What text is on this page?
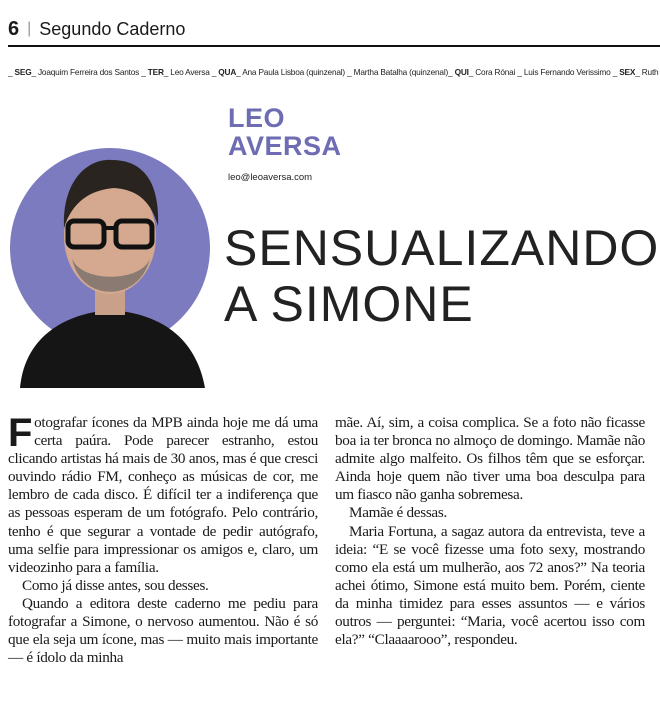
6 | Segundo Caderno
_ SEG_ Joaquim Ferreira dos Santos _ TER_ Leo Aversa _ QUA_ Ana Paula Lisboa (quinzenal) _ Martha Batalha (quinzenal)_ QUI_ Cora Rónai _ Luis Fernando Verissimo _ SEX_ Ruth
LEO
AVERSA
leo@leoaversa.com
SENSUALIZANDO
A SIMONE

Fotografar ícones da MPB ainda hoje me dá uma certa paúra. Pode parecer estranho, estou clicando artistas há mais de 30 anos, mas é que cresci ouvindo rádio FM, conheço as músicas de cor, me lembro de cada disco. É difícil ter a indiferença que as pessoas esperam de um fotógrafo. Pelo contrário, tenho é que segurar a vontade de pedir autógrafo, uma selfie para impressionar os amigos e, claro, um videozinho para a família.

Como já disse antes, sou desses.

Quando a editora deste caderno me pediu para fotografar a Simone, o nervoso aumentou. Não é só que ela seja um ícone, mas — muito mais importante — é ídolo da minha

mãe. Aí, sim, a coisa complica. Se a foto não ficasse boa ia ter bronca no almoço de domingo. Mamãe não admite algo malfeito. Os filhos têm que se esforçar. Ainda hoje quem não tiver uma boa desculpa para um fiasco não ganha sobremesa.

Mamãe é dessas.

Maria Fortuna, a sagaz autora da entrevista, teve a ideia: “E se você fizesse uma foto sexy, mostrando como ela está um mulherão, aos 72 anos?” Na teoria achei ótimo, Simone está muito bem. Porém, ciente da minha timidez para esses assuntos — e vários outros — perguntei: “Maria, você acertou isso com ela?” “Claaaarooo”, respondeu.
